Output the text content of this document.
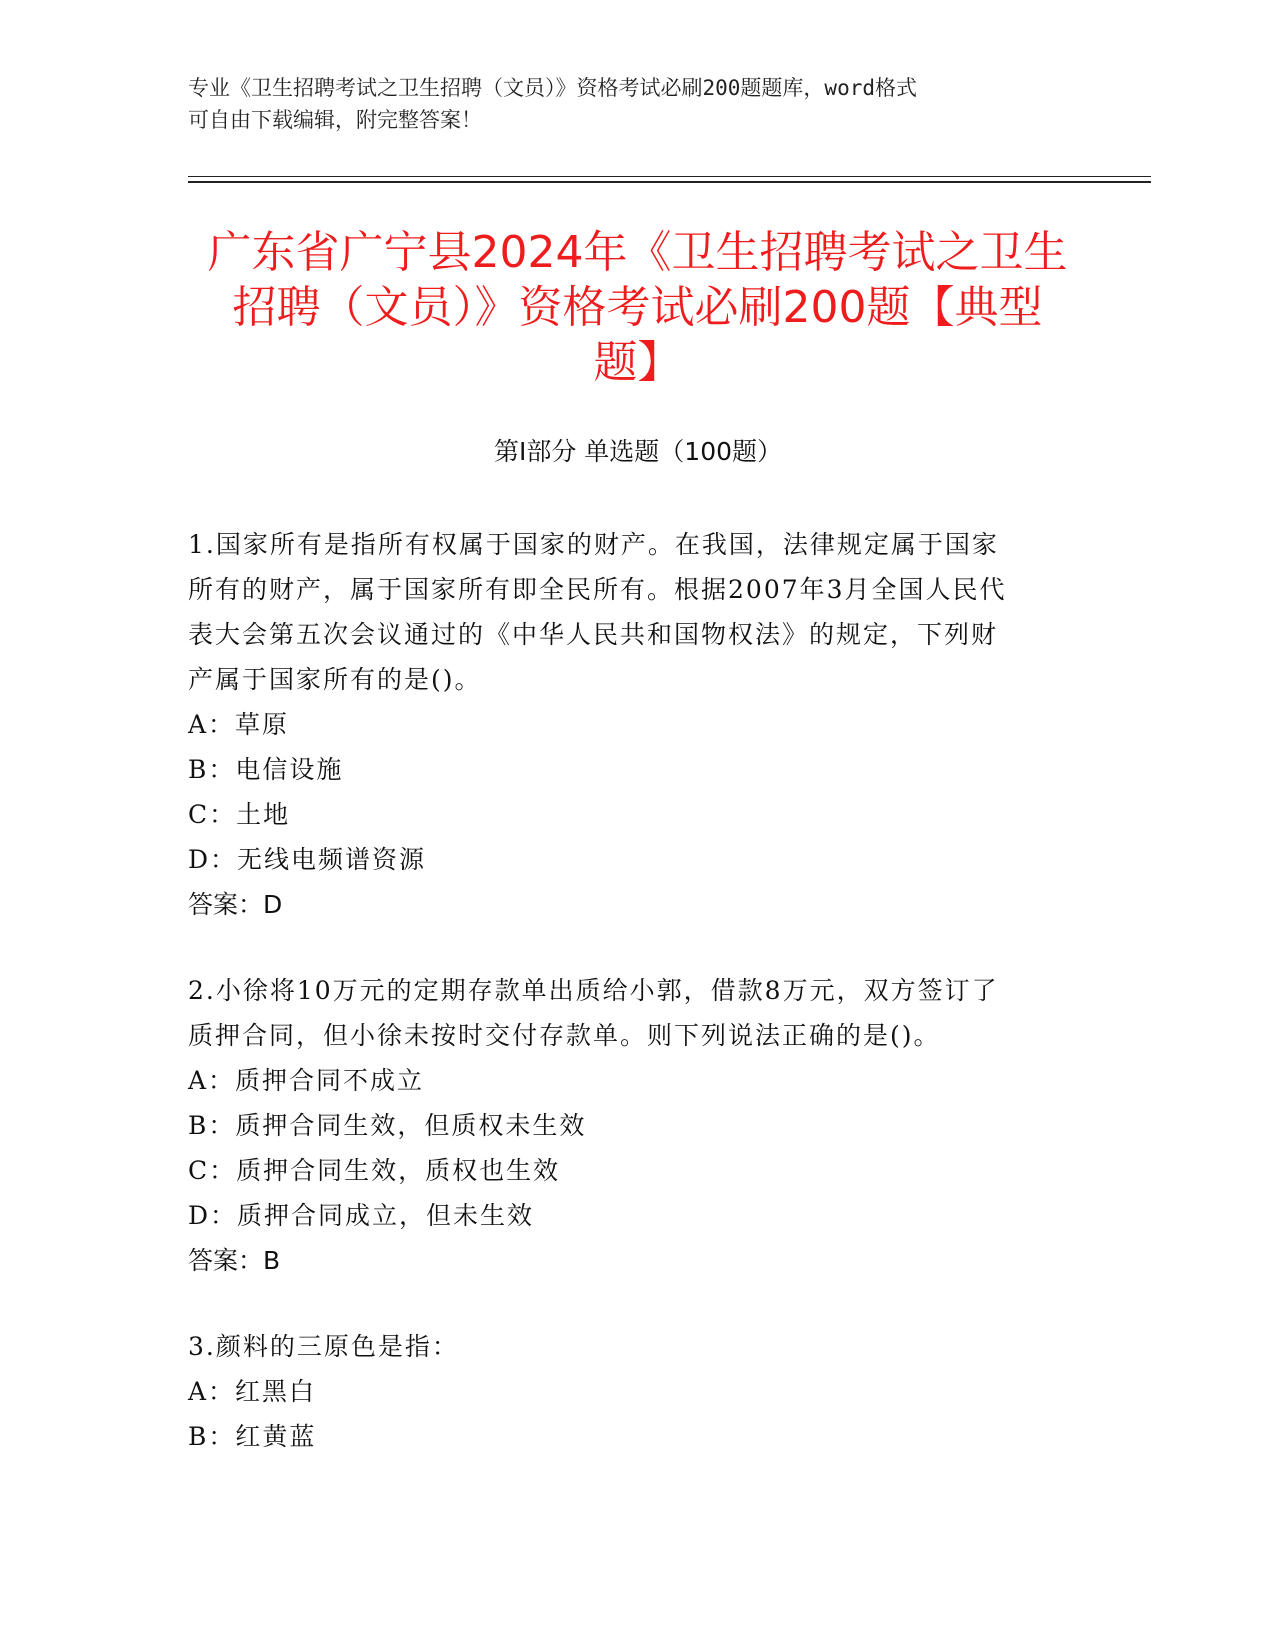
专业《卫生招聘考试之卫生招聘（文员）》资格考试必刷200题题库，word格式
可自由下载编辑，附完整答案！
广东省广宁县2024年《卫生招聘考试之卫生
招聘（文员）》资格考试必刷200题【典型
题】
第Ⅰ部分 单选题（100题）

1.国家所有是指所有权属于国家的财产。在我国，法律规定属于国家

所有的财产，属于国家所有即全民所有。根据2007年3月全国人民代

表大会第五次会议通过的《中华人民共和国物权法》的规定，下列财

产属于国家所有的是()。

A：草原

B：电信设施

C：土地

D：无线电频谱资源

答案：D

2.小徐将10万元的定期存款单出质给小郭，借款8万元，双方签订了

质押合同，但小徐未按时交付存款单。则下列说法正确的是()。

A：质押合同不成立

B：质押合同生效，但质权未生效

C：质押合同生效，质权也生效

D：质押合同成立，但未生效

答案：B

3.颜料的三原色是指：

A：红黑白

B：红黄蓝
